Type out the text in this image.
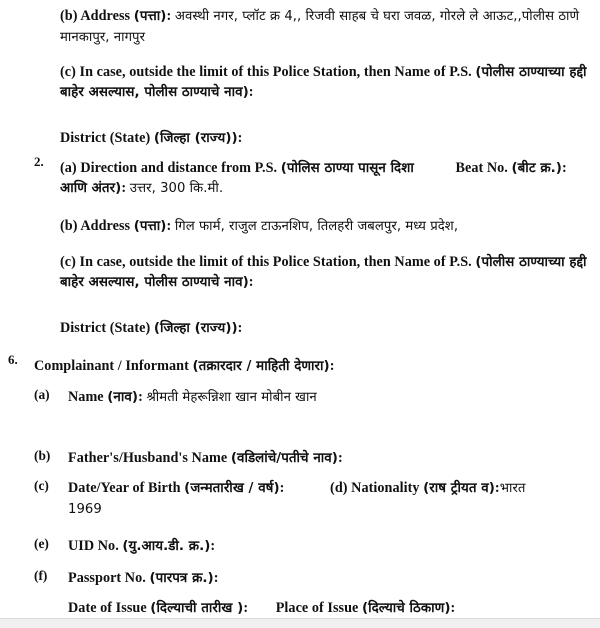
(b) Address (पत्ता): अवस्थी नगर, प्लॉट क्र 4,, रिजवी साहब चे घरा जवळ, गोरले ले आऊट,,पोलीस ठाणे मानकापुर, नागपुर
(c) In case, outside the limit of this Police Station, then Name of P.S. (पोलीस ठाण्याच्या हद्दी बाहेर असल्यास, पोलीस ठाण्याचे नाव):
District (State) (जिल्हा (राज्य)):
2. (a) Direction and distance from P.S. (पोलिस ठाण्या पासून दिशा	Beat No. (बीट क्र.):
आणि अंतर): उत्तर, 300 कि.मी.
(b) Address (पत्ता): गिल फार्म, राजुल टाऊनशिप, तिलहरी जबलपुर, मध्य प्रदेश,
(c) In case, outside the limit of this Police Station, then Name of P.S. (पोलीस ठाण्याच्या हद्दी बाहेर असल्यास, पोलीस ठाण्याचे नाव):
District (State) (जिल्हा (राज्य)):
6. Complainant / Informant (तक्रारदार / माहिती देणारा):
(a)	Name (नाव): श्रीमती मेहरून्निशा खान मोबीन खान
(b)	Father's/Husband's Name (वडिलांचे/पतीचे नाव):
(c)	Date/Year of Birth (जन्मतारीख / वर्ष):	(d) Nationality (राष ट्रीयत व):भारत
1969
(e)	UID No. (यु.आय.डी. क्र.):
(f)	Passport No. (पारपत्र क्र.):
Date of Issue (दिल्याची तारीख ): Place of Issue (दिल्याचे ठिकाण):
